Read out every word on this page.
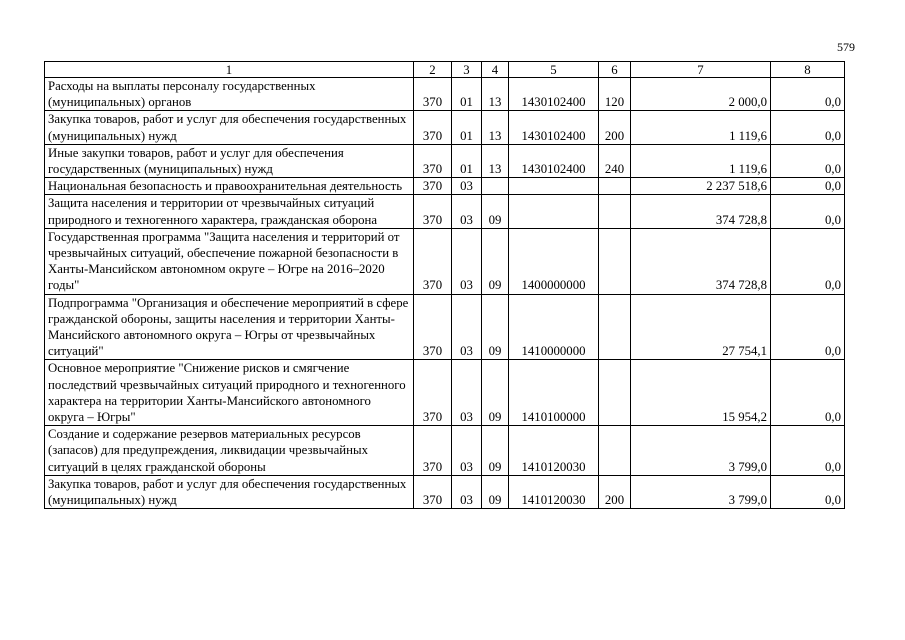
579
1	2	3	4	5	6	7	8
Расходы на выплаты персоналу государственных (муниципальных) органов	370	01	13	1430102400	120	2 000,0	0,0
Закупка товаров, работ и услуг для обеспечения государственных (муниципальных) нужд	370	01	13	1430102400	200	1 119,6	0,0
Иные закупки товаров, работ и услуг для обеспечения государственных (муниципальных) нужд	370	01	13	1430102400	240	1 119,6	0,0
Национальная безопасность и правоохранительная деятельность	370	03				2 237 518,6	0,0
Защита населения и территории от чрезвычайных ситуаций природного и техногенного характера, гражданская оборона	370	03	09			374 728,8	0,0
Государственная программа "Защита населения и территорий от чрезвычайных ситуаций, обеспечение пожарной безопасности в Ханты-Мансийском автономном округе – Югре на 2016–2020 годы"	370	03	09	1400000000		374 728,8	0,0
Подпрограмма "Организация и обеспечение мероприятий в сфере гражданской обороны, защиты населения и территории Ханты-Мансийского автономного округа – Югры от чрезвычайных ситуаций"	370	03	09	1410000000		27 754,1	0,0
Основное мероприятие "Снижение рисков и смягчение последствий чрезвычайных ситуаций природного и техногенного характера на территории Ханты-Мансийского автономного округа – Югры"	370	03	09	1410100000		15 954,2	0,0
Создание и содержание резервов материальных ресурсов (запасов) для предупреждения, ликвидации чрезвычайных ситуаций в целях гражданской обороны	370	03	09	1410120030		3 799,0	0,0
Закупка товаров, работ и услуг для обеспечения государственных (муниципальных) нужд	370	03	09	1410120030	200	3 799,0	0,0
